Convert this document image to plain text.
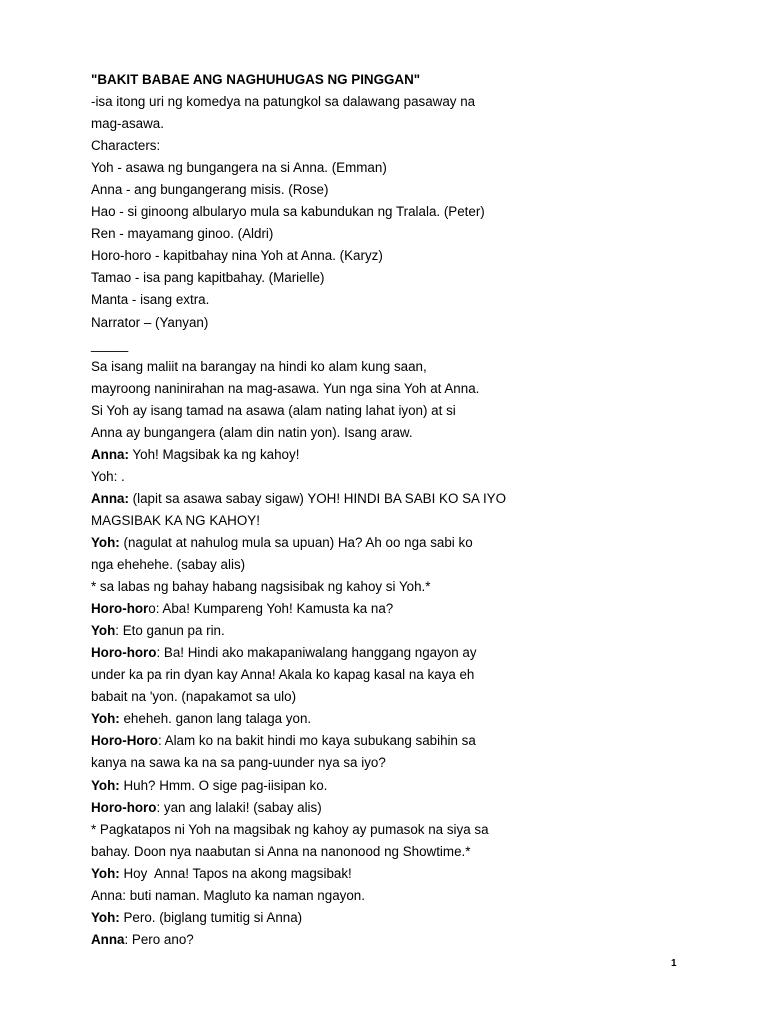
"BAKIT BABAE ANG NAGHUHUGAS NG PINGGAN"
-isa itong uri ng komedya na patungkol sa dalawang pasaway na
mag-asawa.
Characters:
Yoh - asawa ng bungangera na si Anna. (Emman)
Anna - ang bungangerang misis. (Rose)
Hao - si ginoong albularyo mula sa kabundukan ng Tralala. (Peter)
Ren - mayamang ginoo. (Aldri)
Horo-horo - kapitbahay nina Yoh at Anna. (Karyz)
Tamao - isa pang kapitbahay. (Marielle)
Manta - isang extra.
Narrator – (Yanyan)
_____
Sa isang maliit na barangay na hindi ko alam kung saan,
mayroong naninirahan na mag-asawa. Yun nga sina Yoh at Anna.
Si Yoh ay isang tamad na asawa (alam nating lahat iyon) at si
Anna ay bungangera (alam din natin yon). Isang araw.
Anna: Yoh! Magsibak ka ng kahoy!
Yoh: .
Anna: (lapit sa asawa sabay sigaw) YOH! HINDI BA SABI KO SA IYO
MAGSIBAK KA NG KAHOY!
Yoh: (nagulat at nahulog mula sa upuan) Ha? Ah oo nga sabi ko
nga ehehehe. (sabay alis)
* sa labas ng bahay habang nagsisibak ng kahoy si Yoh.*
Horo-horo: Aba! Kumpareng Yoh! Kamusta ka na?
Yoh: Eto ganun pa rin.
Horo-horo: Ba! Hindi ako makapaniwalang hanggang ngayon ay
under ka pa rin dyan kay Anna! Akala ko kapag kasal na kaya eh
babait na 'yon. (napakamot sa ulo)
Yoh: eheheh. ganon lang talaga yon.
Horo-Horo: Alam ko na bakit hindi mo kaya subukang sabihin sa
kanya na sawa ka na sa pang-uunder nya sa iyo?
Yoh: Huh? Hmm. O sige pag-iisipan ko.
Horo-horo: yan ang lalaki! (sabay alis)
* Pagkatapos ni Yoh na magsibak ng kahoy ay pumasok na siya sa
bahay. Doon nya naabutan si Anna na nanonood ng Showtime.*
Yoh: Hoy  Anna! Tapos na akong magsibak!
Anna: buti naman. Magluto ka naman ngayon.
Yoh: Pero. (biglang tumitig si Anna)
Anna: Pero ano?
1
